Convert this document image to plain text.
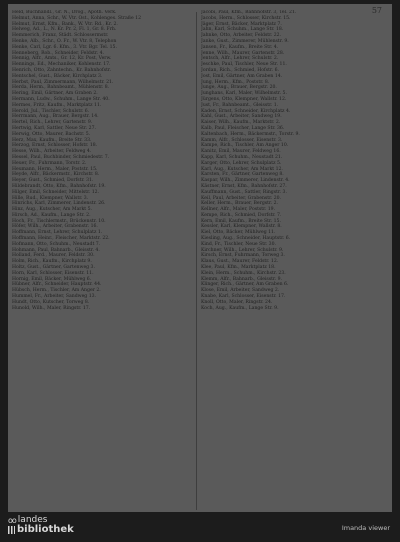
57

Held, Buchhandl., Gr. N., Drog., Apoth. Verk.

Helmut, Anna, Schr., W. Vtr. Ost., Kohlenges. Straße 12

Helmut, Ernst, Kfm., Bank., W. Vtr. Rd., Kr. 2.

Helweg, Ad., L., N. Kr. Pr. 2, Fl. 1, Gr. 8. Frh.

Hemmerich, Franz, Städt. Schlossermstr.

Henke, Alb., Schr., O. Fr., W. Vtr. 8, Telephon

Henke, Carl, Lgr. 6. Kfm., 3. Vtr. Bgr. Tel. 15.

Henneberg, Rob., Schneider, Feldstr. 4.

Hennig, Alfr., Amts., Gr. 12, Kr. Post, Verw.

Hennings, Ed., Mechaniker, Kohlenstr. 17.

Henrich, Otto, Zahntechn., Kr. Bahnhofstr.

Hentschel, Gust., Bäcker, Kirchplatz 3.

Herbst, Paul, Zimmermann, Wilhelmstr. 21.

Herda, Herm., Bahnbeamt., Mühlenstr. 8.

Hering, Emil, Gärtner, Am Graben 2.

Hermann, Ludw., Schuhm., Lange Str. 40.

Hermes, Fritz, Kaufm., Marktplatz 11.

Herold, Jul., Tischler, Schulstr. 6.

Herrmann, Aug., Brauer, Bergstr. 14.

Hertel, Rich., Lehrer, Gartenstr. 9.

Hertwig, Karl, Sattler, Neue Str. 27.

Herwig, Otto, Maurer, Bachstr. 5.

Herz, Max, Kaufm., Breite Str. 33.

Herzog, Ernst, Schlosser, Hofstr. 18.

Hesse, Wilh., Arbeiter, Feldweg 4.

Hessel, Paul, Buchbinder, Schmiedestr. 7.

Heuer, Fr., Fuhrmann, Torstr. 2.

Heumann, Herm., Maler, Poststr. 15.

Heyde, Alfr., Bäckermstr., Kirchstr. 8.

Heyer, Gust., Schmied, Dorfstr. 31.

Hildebrandt, Otto, Kfm., Bahnhofstr. 19.

Hilger, Emil, Schneider, Mittelstr. 12.

Hille, Rud., Klempner, Wallstr. 3.

Hinrichs, Karl, Zimmerer, Lindenstr. 26.

Hinz, Aug., Kutscher, Am Markt 5.

Hirsch, Ad., Kaufm., Lange Str. 2.

Hoch, Fr., Tischlermstr., Brückenstr. 10.

Höfer, Wilh., Arbeiter, Grabenstr. 16.

Hoffmann, Ernst, Lehrer, Schulplatz 1.

Hoffmann, Heinr., Fleischer, Marktstr. 22.

Hofmann, Otto, Schuhm., Neustadt 7.

Hohmann, Paul, Bahnarb., Gleisstr. 4.

Holland, Ferd., Maurer, Feldstr. 30.

Holm, Rich., Kaufm., Kirchplatz 9.

Holtz, Gust., Gärtner, Gartenweg 3.

Horn, Karl, Schlosser, Eisenstr. 11.

Hornig, Emil, Bäcker, Mühlweg 6.

Hübner, Alfr., Schneider, Hauptstr. 44.

Hübsch, Herm., Tischler, Am Anger 2.

Hummel, Fr., Arbeiter, Sandweg 13.

Hundt, Otto, Kutscher, Torweg 8.

Hunold, Wilh., Maler, Ringstr. 17.

Jacobi, Paul, Kfm., Bahnhofstr. 3, Tel. 21.

Jacobs, Herm., Schlosser, Kirchstr. 15.

Jäger, Ernst, Bäcker, Marktplatz 7.

Jahn, Karl, Schuhm., Lange Str. 18.

Jahnke, Otto, Arbeiter, Feldstr. 22.

Janke, Gust., Zimmerer, Mühlenstr. 9.

Jansen, Fr., Kaufm., Breite Str. 4.

Jenne, Wilh., Maurer, Gartenstr. 28.

Jentsch, Alfr., Lehrer, Schulstr. 2.

Jeschke, Paul, Tischler, Neue Str. 11.

Jordan, Rich., Schmied, Hofstr. 6.

Jost, Emil, Gärtner, Am Graben 14.

Jung, Herm., Kfm., Poststr. 8.

Junge, Aug., Brauer, Bergstr. 20.

Junghans, Karl, Maler, Wilhelmstr. 5.

Jürgens, Otto, Klempner, Wallstr. 12.

Just, Fr., Bahnbeamt., Gleisstr. 1.

Kaden, Ernst, Schneider, Kirchplatz 4.

Kahl, Gust., Arbeiter, Sandweg 19.

Kaiser, Wilh., Kaufm., Marktstr. 2.

Kalb, Paul, Fleischer, Lange Str. 36.

Kaltenbach, Herm., Bäckermstr., Torstr. 9.

Kamm, Alfr., Schlosser, Eisenstr. 3.

Kampe, Rich., Tischler, Am Anger 10.

Kanitz, Emil, Maurer, Feldweg 16.

Kapp, Karl, Schuhm., Neustadt 21.

Karger, Otto, Lehrer, Schulplatz 5.

Karl, Aug., Kutscher, Am Markt 12.

Karsten, Fr., Gärtner, Gartenweg 8.

Kaspar, Wilh., Zimmerer, Lindenstr. 4.

Kästner, Ernst, Kfm., Bahnhofstr. 27.

Kauffmann, Gust., Sattler, Ringstr. 3.

Keil, Paul, Arbeiter, Grabenstr. 20.

Keller, Herm., Brauer, Bergstr. 2.

Kellner, Alfr., Maler, Poststr. 19.

Kempe, Rich., Schmied, Dorfstr. 7.

Kern, Emil, Kaufm., Breite Str. 15.

Kessler, Karl, Klempner, Wallstr. 8.

Kiel, Otto, Bäcker, Mühlweg 11.

Kiesling, Aug., Schneider, Hauptstr. 6.

Kind, Fr., Tischler, Neue Str. 30.

Kirchner, Wilh., Lehrer, Schulstr. 9.

Kirsch, Ernst, Fuhrmann, Torweg 3.

Klaus, Gust., Maurer, Feldstr. 12.

Klee, Paul, Kfm., Marktplatz 18.

Klein, Herm., Schuhm., Kirchstr. 23.

Klemm, Alfr., Bahnarb., Gleisstr. 9.

Klinger, Rich., Gärtner, Am Graben 6.

Klose, Emil, Arbeiter, Sandweg 2.

Knabe, Karl, Schlosser, Eisenstr. 17.

Knoll, Otto, Maler, Ringstr. 24.

Koch, Aug., Kaufm., Lange Str. 9.

oo landes
bibliothek	Imanda viewer
